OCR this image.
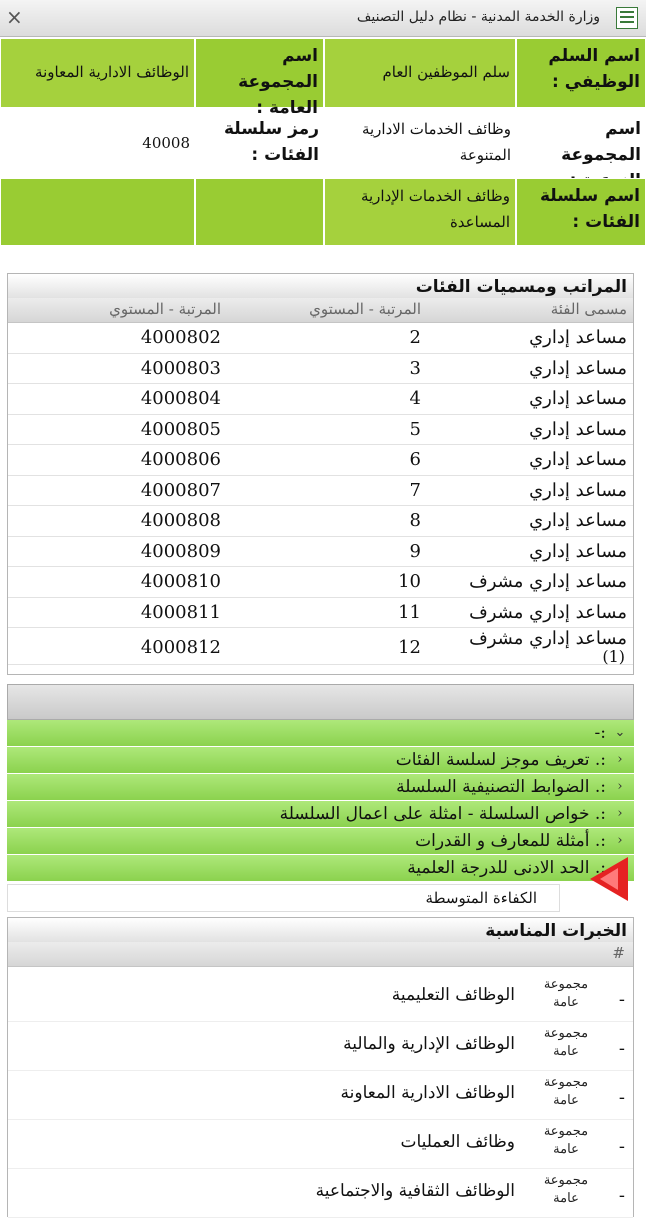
×	وزارة الخدمة المدنية - نظام دليل التصنيف
اسم السلم الوظيفي :
سلم الموظفين العام
اسم المجموعة العامة :
الوظائف الادارية المعاونة
اسم المجموعة
وظائف الخدمات الادارية المتنوعة
رمز سلسلة الفئات :
40008
اسم سلسلة الفئات :
وظائف الخدمات الإدارية المساعدة
المراتب ومسميات الفئات
مسمى الفئة
المرتبة - المستوي
المرتبة - المستوي
مساعد إداري
2
4000802
مساعد إداري
3
4000803
مساعد إداري
4
4000804
مساعد إداري
5
4000805
مساعد إداري
6
4000806
مساعد إداري
7
4000807
مساعد إداري
8
4000808
مساعد إداري
9
4000809
مساعد إداري مشرف
10
4000810
مساعد إداري مشرف
11
4000811
مساعد إداري مشرف
12
4000812	(1)
⌄
:-
‹
:. تعريف موجز لسلسة الفئات
‹
:. الضوابط التصنيفية السلسلة
‹
:. خواص السلسلة - امثلة على اعمال السلسلة
‹
:. أمثلة للمعارف و القدرات
⌄
:. الحد الادنى للدرجة العلمية
الكفاءة المتوسطة
الخبرات المناسبة
#
-
مجموعة عامة
الوظائف التعليمية
-
مجموعة عامة
الوظائف الإدارية والمالية
-
مجموعة عامة
الوظائف الادارية المعاونة
-
مجموعة عامة
وظائف العمليات
-
مجموعة عامة
الوظائف الثقافية والاجتماعية
